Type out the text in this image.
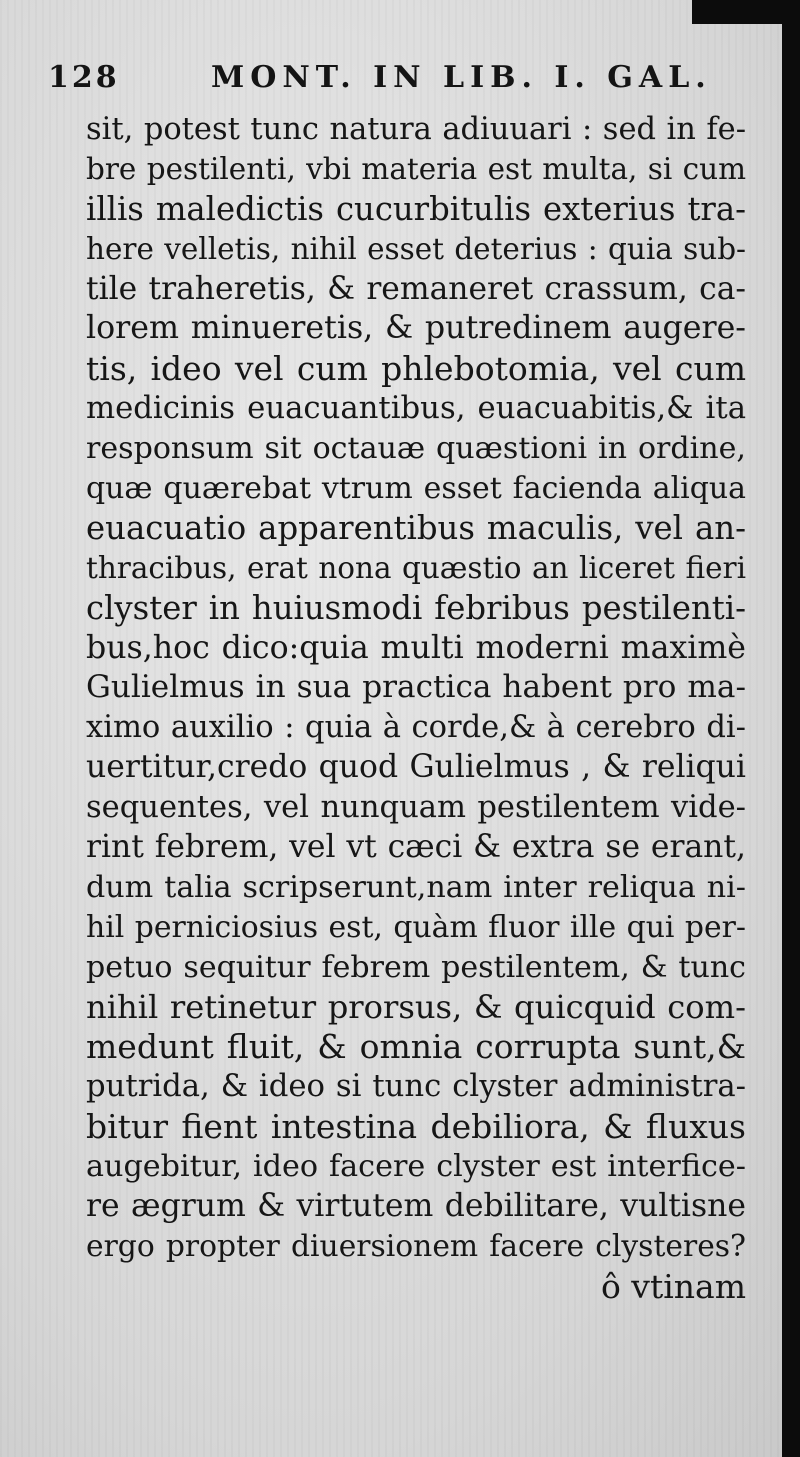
128	MONT. IN LIB. I. GAL.
sit, potest tunc natura adiuuari : sed in fe-
bre pestilenti, vbi materia est multa, si cum
illis maledictis cucurbitulis exterius tra-
here velletis, nihil esset deterius : quia sub-
tile traheretis, & remaneret crassum, ca-
lorem minueretis, & putredinem augere-
tis, ideo vel cum phlebotomia, vel cum
medicinis euacuantibus, euacuabitis,& ita
responsum sit octauæ quæstioni in ordine,
quæ quærebat vtrum esset facienda aliqua
euacuatio apparentibus maculis, vel an-
thracibus, erat nona quæstio an liceret fieri
clyster in huiusmodi febribus pestilenti-
bus,hoc dico:quia multi moderni maximè
Gulielmus in sua practica habent pro ma-
ximo auxilio : quia à corde,& à cerebro di-
uertitur,credo quod Gulielmus , & reliqui
sequentes, vel nunquam pestilentem vide-
rint febrem, vel vt cæci & extra se erant,
dum talia scripserunt,nam inter reliqua ni-
hil perniciosius est, quàm fluor ille qui per-
petuo sequitur febrem pestilentem, & tunc
nihil retinetur prorsus, & quicquid com-
medunt fluit, & omnia corrupta sunt,&
putrida, & ideo si tunc clyster administra-
bitur fient intestina debiliora, & fluxus
augebitur, ideo facere clyster est interfice-
re ægrum & virtutem debilitare, vultisne
ergo propter diuersionem facere clysteres?
ô vtinam
